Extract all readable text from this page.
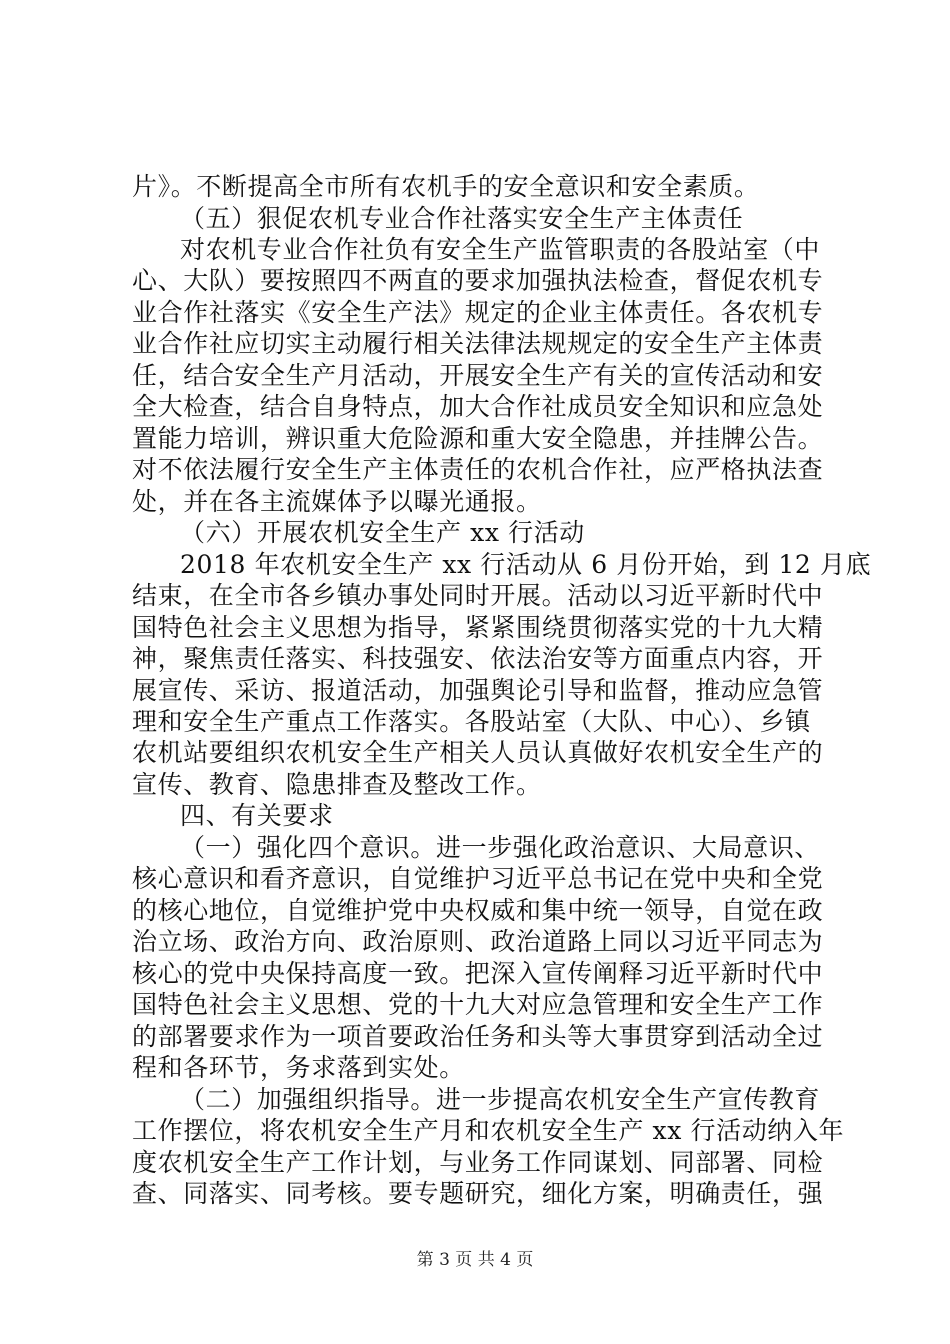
片》。不断提高全市所有农机手的安全意识和安全素质。
（五）狠促农机专业合作社落实安全生产主体责任
对农机专业合作社负有安全生产监管职责的各股站室（中
心、大队）要按照四不两直的要求加强执法检查，督促农机专
业合作社落实《安全生产法》规定的企业主体责任。各农机专
业合作社应切实主动履行相关法律法规规定的安全生产主体责
任，结合安全生产月活动，开展安全生产有关的宣传活动和安
全大检查，结合自身特点，加大合作社成员安全知识和应急处
置能力培训，辨识重大危险源和重大安全隐患，并挂牌公告。
对不依法履行安全生产主体责任的农机合作社，应严格执法查
处，并在各主流媒体予以曝光通报。
（六）开展农机安全生产 xx 行活动
2018 年农机安全生产 xx 行活动从 6 月份开始，到 12 月底
结束，在全市各乡镇办事处同时开展。活动以习近平新时代中
国特色社会主义思想为指导，紧紧围绕贯彻落实党的十九大精
神，聚焦责任落实、科技强安、依法治安等方面重点内容，开
展宣传、采访、报道活动，加强舆论引导和监督，推动应急管
理和安全生产重点工作落实。各股站室（大队、中心）、乡镇
农机站要组织农机安全生产相关人员认真做好农机安全生产的
宣传、教育、隐患排查及整改工作。
四、有关要求
（一）强化四个意识。进一步强化政治意识、大局意识、
核心意识和看齐意识，自觉维护习近平总书记在党中央和全党
的核心地位，自觉维护党中央权威和集中统一领导，自觉在政
治立场、政治方向、政治原则、政治道路上同以习近平同志为
核心的党中央保持高度一致。把深入宣传阐释习近平新时代中
国特色社会主义思想、党的十九大对应急管理和安全生产工作
的部署要求作为一项首要政治任务和头等大事贯穿到活动全过
程和各环节，务求落到实处。
（二）加强组织指导。进一步提高农机安全生产宣传教育
工作摆位，将农机安全生产月和农机安全生产 xx 行活动纳入年
度农机安全生产工作计划，与业务工作同谋划、同部署、同检
查、同落实、同考核。要专题研究，细化方案，明确责任，强
第 3 页 共 4 页
